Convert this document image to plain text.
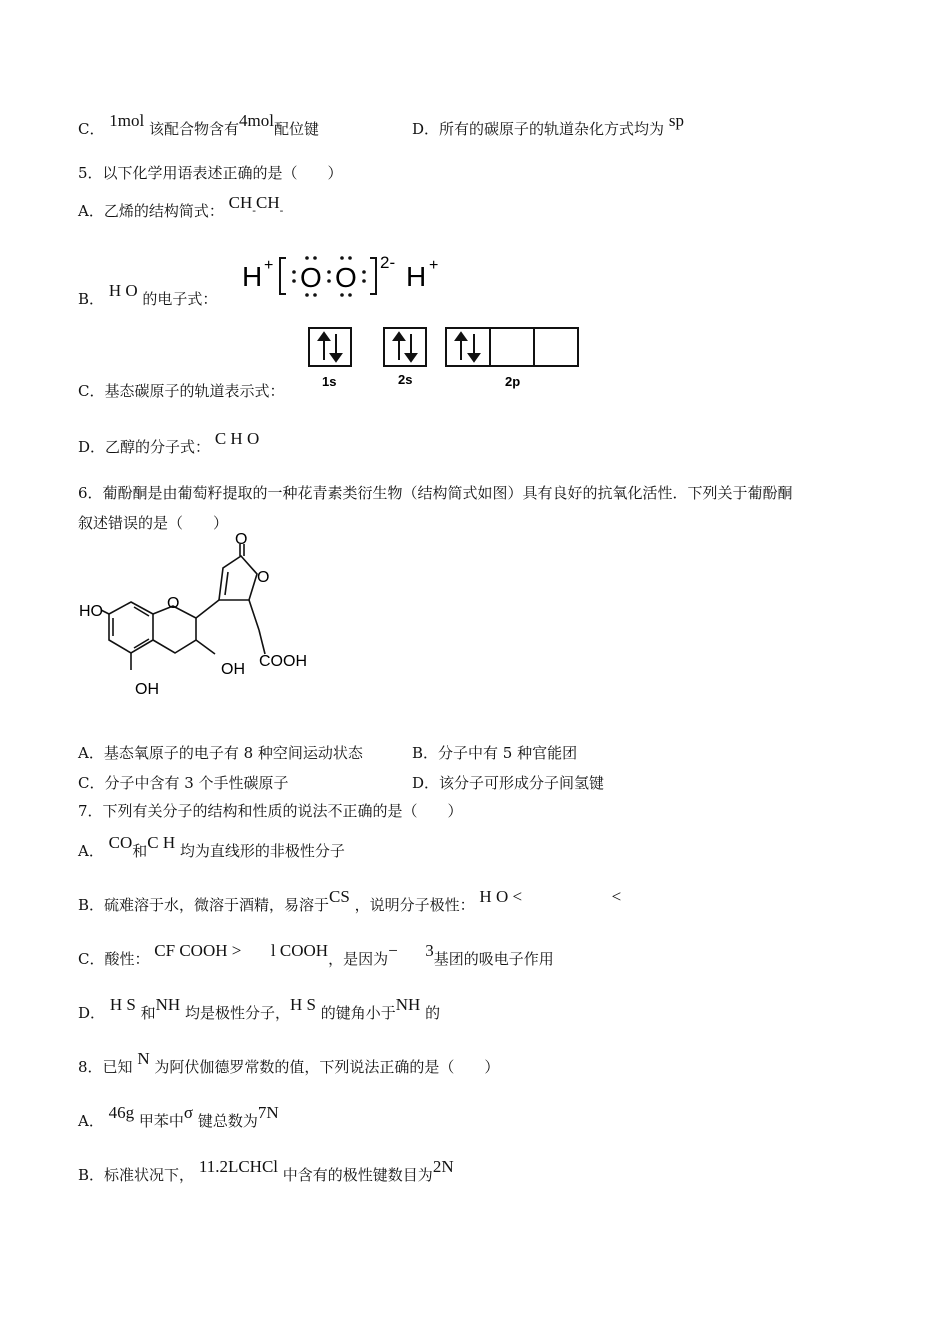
C． 1mol 该配合物含有4mol配位键	D．所有的碳原子的轨道杂化方式均为 sp
5．以下化学用语表述正确的是（　　）
A．乙烯的结构简式： CH-CH-
B． H O 的电子式：
H + O O 2- H +
C．基态碳原子的轨道表示式：
1s	2s	2p
D．乙醇的分子式： C H O
6．葡酚酮是由葡萄籽提取的一种花青素类衍生物（结构简式如图）具有良好的抗氧化活性．下列关于葡酚酮
叙述错误的是（　　）
O
O
O
HO
OH
OH
COOH
A．基态氧原子的电子有 8 种空间运动状态	B．分子中有 5 种官能团
C．分子中含有 3 个手性碳原子	D．该分子可形成分子间氢键
7．下列有关分子的结构和性质的说法不正确的是（　　）
A． CO和C H 均为直线形的非极性分子
B．硫难溶于水，微溶于酒精，易溶于CS ，说明分子极性： H O <	<
C．酸性： CF COOH > l COOH，是因为− 3基团的吸电子作用
D． H S 和NH 均是极性分子，H S 的键角小于NH 的
8．已知 N 为阿伏伽德罗常数的值，下列说法正确的是（　　）
A． 46g 甲苯中σ 键总数为7N
B．标准状况下， 11.2LCHCl 中含有的极性键数目为2N
